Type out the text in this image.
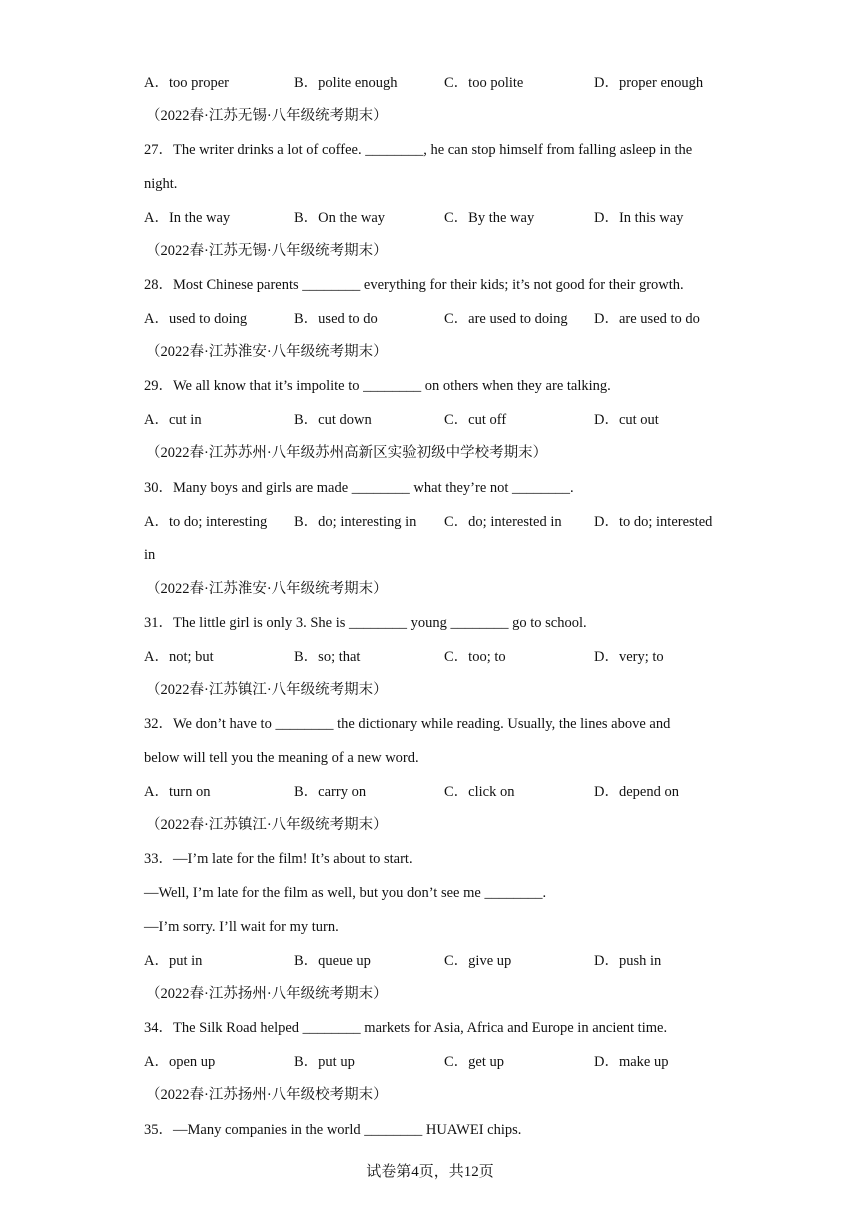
A．too proper	B．polite enough	C．too polite	D．proper enough
（2022春·江苏无锡·八年级统考期末）
27．The writer drinks a lot of coffee. ________, he can stop himself from falling asleep in the
night.
A．In the way	B．On the way	C．By the way	D．In this way
（2022春·江苏无锡·八年级统考期末）
28．Most Chinese parents ________ everything for their kids; it’s not good for their growth.
A．used to doing	B．used to do	C．are used to doing D．are used to do
（2022春·江苏淮安·八年级统考期末）
29．We all know that it’s impolite to ________ on others when they are talking.
A．cut in	B．cut down	C．cut off	D．cut out
（2022春·江苏苏州·八年级苏州高新区实验初级中学校考期末）
30．Many boys and girls are made ________ what they’re not ________.
A．to do; interesting B．do; interesting in C．do; interested in D．to do; interested
in
（2022春·江苏淮安·八年级统考期末）
31．The little girl is only 3. She is ________ young ________ go to school.
A．not; but	B．so; that	C．too; to	D．very; to
（2022春·江苏镇江·八年级统考期末）
32．We don’t have to ________ the dictionary while reading. Usually, the lines above and
below will tell you the meaning of a new word.
A．turn on	B．carry on	C．click on	D．depend on
（2022春·江苏镇江·八年级统考期末）
33．—I’m late for the film! It’s about to start.
—Well, I’m late for the film as well, but you don’t see me ________.
—I’m sorry. I’ll wait for my turn.
A．put in	B．queue up	C．give up	D．push in
（2022春·江苏扬州·八年级统考期末）
34．The Silk Road helped ________ markets for Asia, Africa and Europe in ancient time.
A．open up	B．put up	C．get up	D．make up
（2022春·江苏扬州·八年级校考期末）
35．—Many companies in the world ________ HUAWEI chips.
试卷第4页，共12页
